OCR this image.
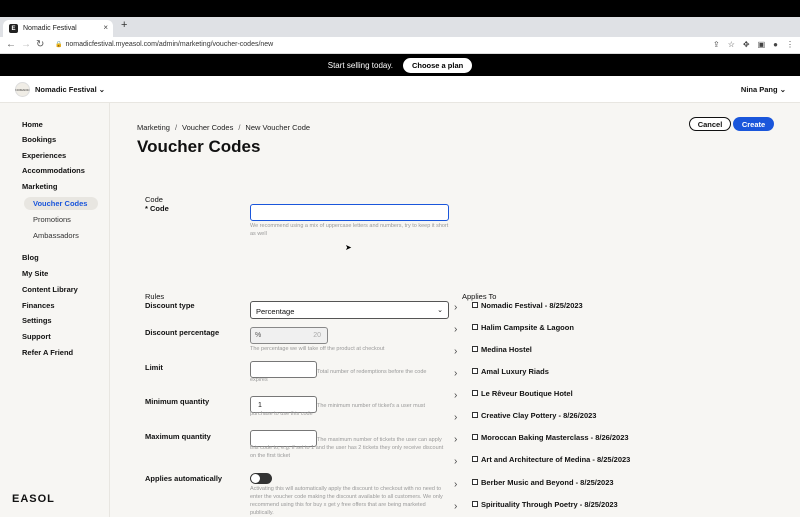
E	Nomadic Festival	× +
← → ↻ 🔒 nomadicfestival.myeasol.com/admin/marketing/voucher-codes/new	⇪ ☆ ✥ ▣ ● ⋮
Start selling today.	Choose a plan
NOMADIC Nomadic Festival ⌄	Nina Pang ⌄
Home
Bookings
Experiences
Accommodations
Marketing
Voucher Codes
Promotions
Ambassadors
Blog
My Site
Content Library
Finances
Settings
Support
Refer A Friend
EASOL
Marketing / Voucher Codes / New Voucher Code
Voucher Codes
Cancel	Create
Code
* Code
We recommend using a mix of uppercase letters and numbers, try to keep it short as well
➤
Rules
Discount type
Percentage	⌄
Discount percentage	%	20
The percentage we will take off the product at checkout
Limit	Total number of redemptions before the code expires
Minimum quantity	1	The minimum number of ticket's a user must purchase to use this code
Maximum quantity	The maximum number of tickets the user can apply this code to, e.g. if set to 1 and the user has 2 tickets they only receive discount on the first ticket
Applies automatically
Activating this will automatically apply the discount to checkout with no need to enter the voucher code making the discount available to all customers. We only recommend using this for buy x get y free offers that are being marketed publically.
Applies To
›	Nomadic Festival - 8/25/2023
›	Halim Campsite & Lagoon
›	Medina Hostel
›	Amal Luxury Riads
›	Le Rêveur Boutique Hotel
›	Creative Clay Pottery - 8/26/2023
›	Moroccan Baking Masterclass - 8/26/2023
›	Art and Architecture of Medina - 8/25/2023
›	Berber Music and Beyond - 8/25/2023
›	Spirituality Through Poetry - 8/25/2023
